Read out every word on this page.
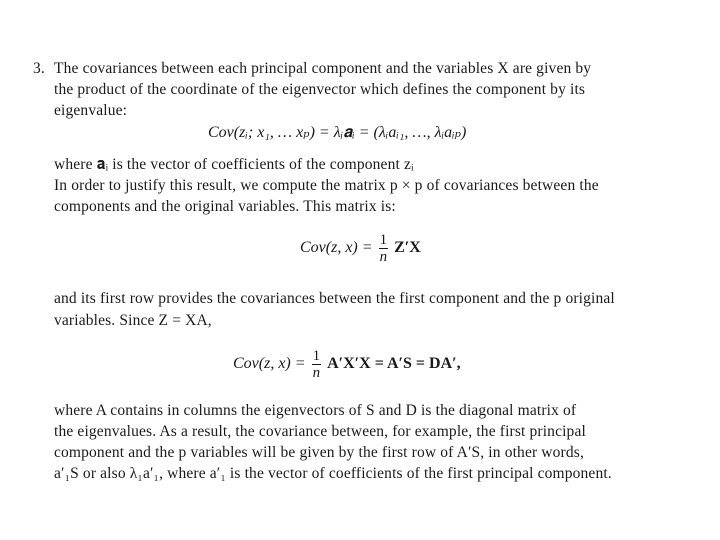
3. The covariances between each principal component and the variables X are given by
the product of the coordinate of the eigenvector which defines the component by its
eigenvalue:
Cov(zᵢ; x₁, … xₚ) = λᵢ𝐚ᵢ = (λᵢaᵢ₁, …, λᵢaᵢₚ)
where 𝐚ᵢ is the vector of coefficients of the component zᵢ
In order to justify this result, we compute the matrix p × p of covariances between the
components and the original variables. This matrix is:
Cov(z, $x) = \frac{1}{n} Z'X$
and its first row provides the covariances between the first component and the p original
variables. Since Z = XA,
Cov(z, $x) = \frac{1}{n} A'X'X = A'S = DA'$,
where A contains in columns the eigenvectors of S and D is the diagonal matrix of
the eigenvalues. As a result, the covariance between, for example, the first principal
component and the p variables will be given by the first row of A′S, in other words,
a′₁S or also λ₁a′₁, where a′₁ is the vector of coefficients of the first principal component.
